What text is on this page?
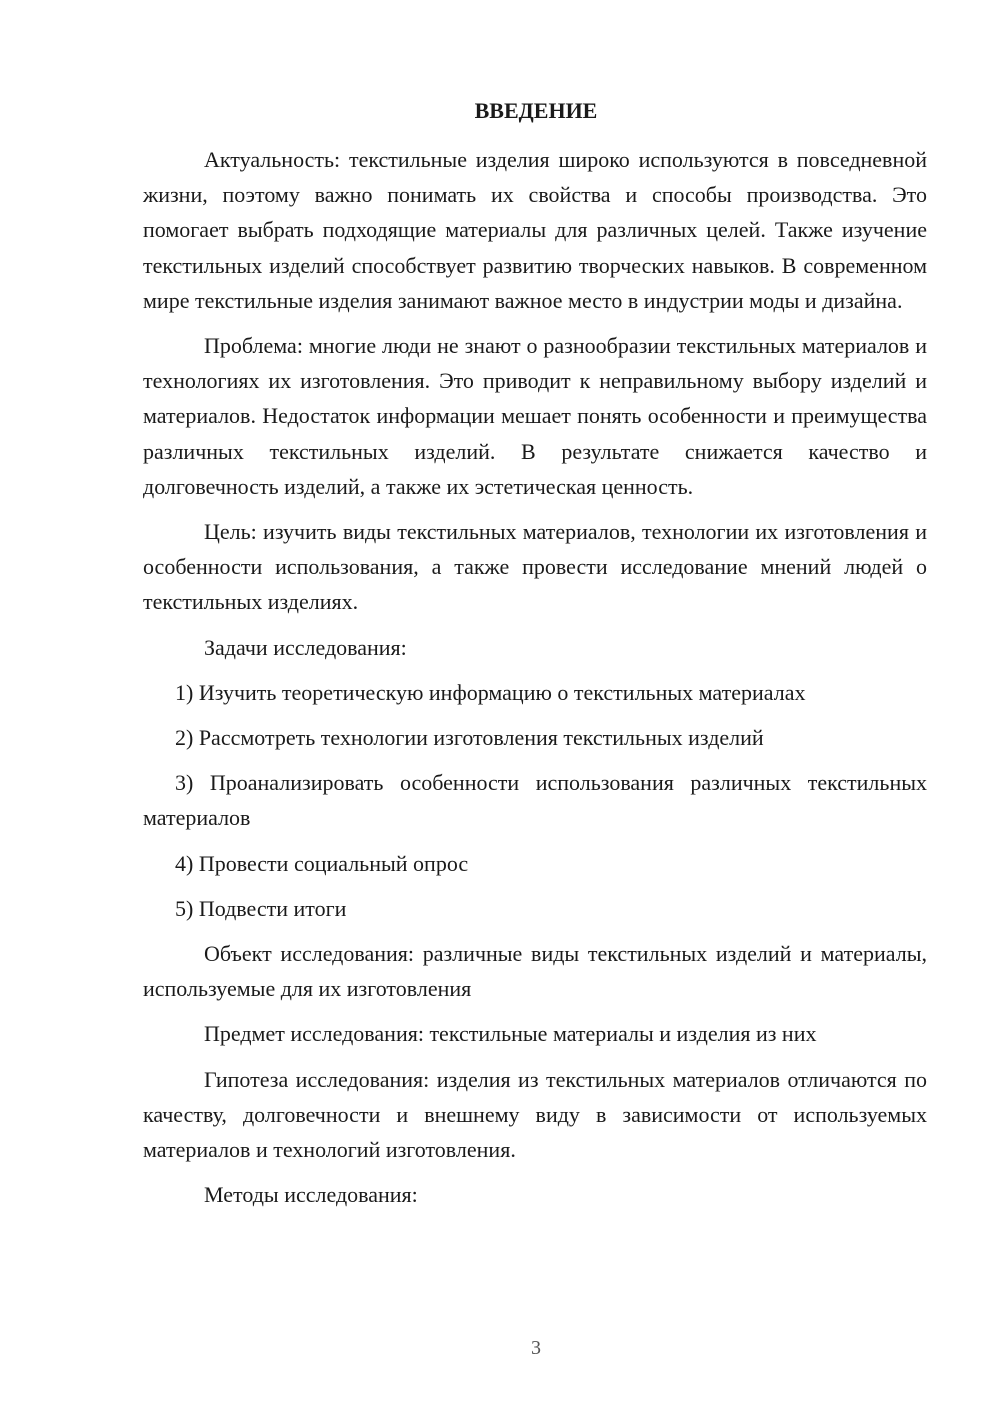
ВВЕДЕНИЕ

Актуальность: текстильные изделия широко используются в повседневной жизни, поэтому важно понимать их свойства и способы производства. Это помогает выбрать подходящие материалы для различных целей. Также изучение текстильных изделий способствует развитию творческих навыков. В современном мире текстильные изделия занимают важное место в индустрии моды и дизайна.

Проблема: многие люди не знают о разнообразии текстильных материалов и технологиях их изготовления. Это приводит к неправильному выбору изделий и материалов. Недостаток информации мешает понять особенности и преимущества различных текстильных изделий. В результате снижается качество и долговечность изделий, а также их эстетическая ценность.

Цель: изучить виды текстильных материалов, технологии их изготовления и особенности использования, а также провести исследование мнений людей о текстильных изделиях.

Задачи исследования:

1) Изучить теоретическую информацию о текстильных материалах

2) Рассмотреть технологии изготовления текстильных изделий

3) Проанализировать особенности использования различных текстильных материалов

4) Провести социальный опрос

5) Подвести итоги

Объект исследования: различные виды текстильных изделий и материалы, используемые для их изготовления

Предмет исследования: текстильные материалы и изделия из них

Гипотеза исследования: изделия из текстильных материалов отличаются по качеству, долговечности и внешнему виду в зависимости от используемых материалов и технологий изготовления.

Методы исследования:

3
